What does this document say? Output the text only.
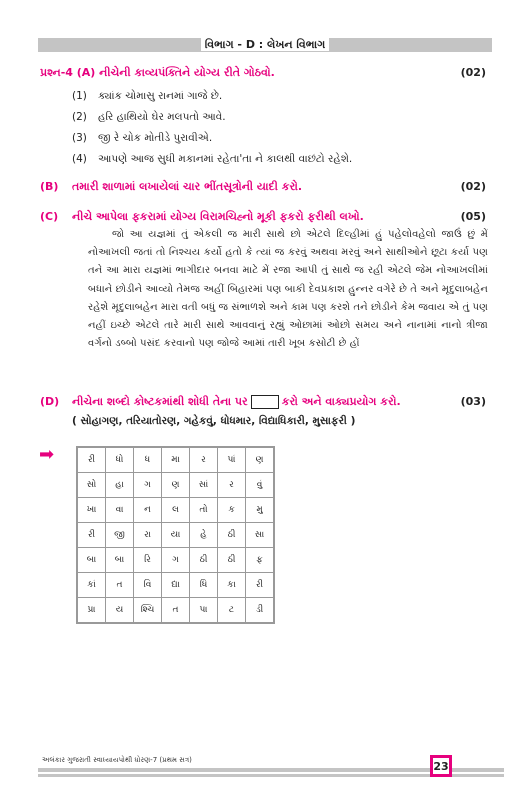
વિભાગ - D : લેખન વિભાગ
પ્રશ્ન-4 (A) નીચેની કાવ્યપંક્તિને યોગ્ય રીતે ગોઠવો.	(02)
(1) ક્યાંક ચોમાસુ રાનમાં ગાજે છે.
(2) હરિ હાથિયો ઘેર મલપતો આવે.
(3) જી રે ચોક મોતીડે પુરાવીએ.
(4) આપણે આજ સુધી મકાનમાં રહેતા'તા ને કાલથી વાછંટો રહેશે.
(B) તમારી શાળામાં લખાયેલાં ચાર ભીંતસૂત્રોની યાદી કરો.	(02)
(C) નીચે આપેલા ફકરામાં યોગ્ય વિરામચિહ્નો મૂકી ફકરો ફરીથી લખો.	(05)

જો આ યજ્ઞમાં તું એકલી જ મારી સાથે છો એટલે દિલ્હીમાં હું પહેલોવહેલો જાઉં છું મેં નોઆખલી જતાં તો નિશ્ચય કર્યો હતો કે ત્યાં જ કરવું અથવા મરવું અને સાથીઓને છૂટા કર્યા પણ તને આ મારા યજ્ઞમાં ભાગીદાર બનવા માટે મેં રજા આપી તું સાથે જ રહી એટલે જેમ નોઆખલીમાં બધાને છોડીને આવ્યો તેમજ અહીં બિહારમાં પણ બાકી દેવપ્રકાશ હુન્નર વગેરે છે તે અને મૃદુલાબહેન રહેશે મૃદુલાબહેન મારા વતી બધું જ સંભાળશે અને કામ પણ કરશે તને છોડીને કેમ જવાય એ તું પણ નહીં ઇચ્છે એટલે તારે મારી સાથે આવવાનું રહ્યું ઓછામાં ઓછો સમય અને નાનામાં નાનો ત્રીજા વર્ગનો ડબ્બો પસંદ કરવાનો પણ જોજે આમાં તારી ખૂબ કસોટી છે હોં

(D) નીચેના શબ્દો કોષ્ટકમાંથી શોધી તેના પર	કરો અને વાક્યપ્રયોગ કરો.	(03)
( સોહાગણ, તરિયાતોરણ, ગહેકવું, ધોધમાર, વિદ્યાધિકારી, મુસાફરી )
➡	રી	ધો	ધ	મા	ર	પાં	ણ
સો	હા	ગ	ણ	સાં	ર	વું
ખા	વા	ન	લ	તો	ક	મુ
રી	જી	રા	યા	હે	ઠી	સા
બા	બા	રિ	ગ	ઠી	ઠી	ફ
કાં	ત	વિ	દ્યા	ધિ	કા	રી
પ્રા	ય	શ્ચિ	ત	પા	ટ	ડી
અલંકાર ગુજરાતી સ્વાધ્યાયપોથી ધોરણ-7 (પ્રથમ સત્ર)	23
